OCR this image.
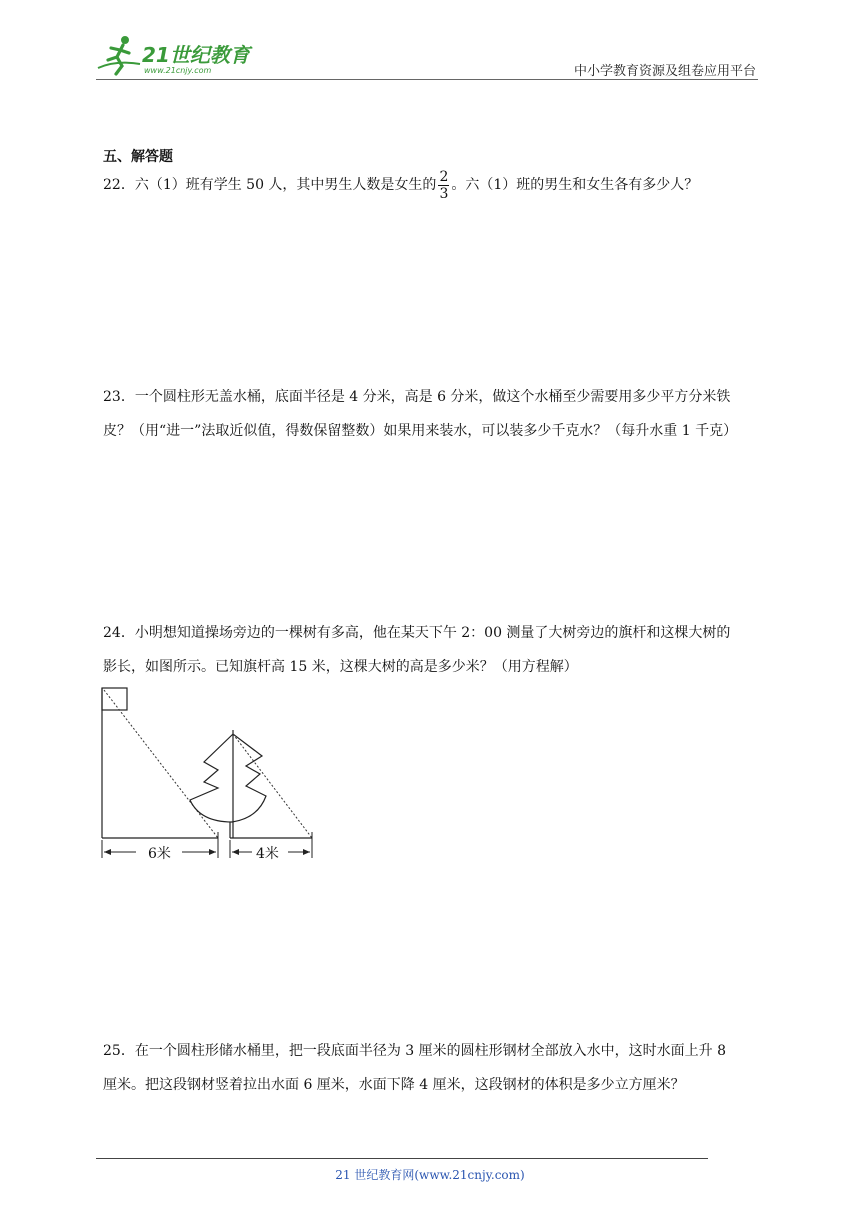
21世纪教育
www.21cnjy.com	中小学教育资源及组卷应用平台
五、解答题
22．六（1）班有学生 50 人，其中男生人数是女生的 $\frac{2}{3}$ 。六（1）班的男生和女生各有多少人？
23．一个圆柱形无盖水桶，底面半径是 4 分米，高是 6 分米，做这个水桶至少需要用多少平方分米铁
皮？（用“进一”法取近似值，得数保留整数）如果用来装水，可以装多少千克水？（每升水重 1 千克）
24．小明想知道操场旁边的一棵树有多高，他在某天下午 2：00 测量了大树旁边的旗杆和这棵大树的
影长，如图所示。已知旗杆高 15 米，这棵大树的高是多少米？（用方程解）
6米	4米
25．在一个圆柱形储水桶里，把一段底面半径为 3 厘米的圆柱形钢材全部放入水中，这时水面上升 8
厘米。把这段钢材竖着拉出水面 6 厘米，水面下降 4 厘米，这段钢材的体积是多少立方厘米？
21 世纪教育网(www.21cnjy.com)
